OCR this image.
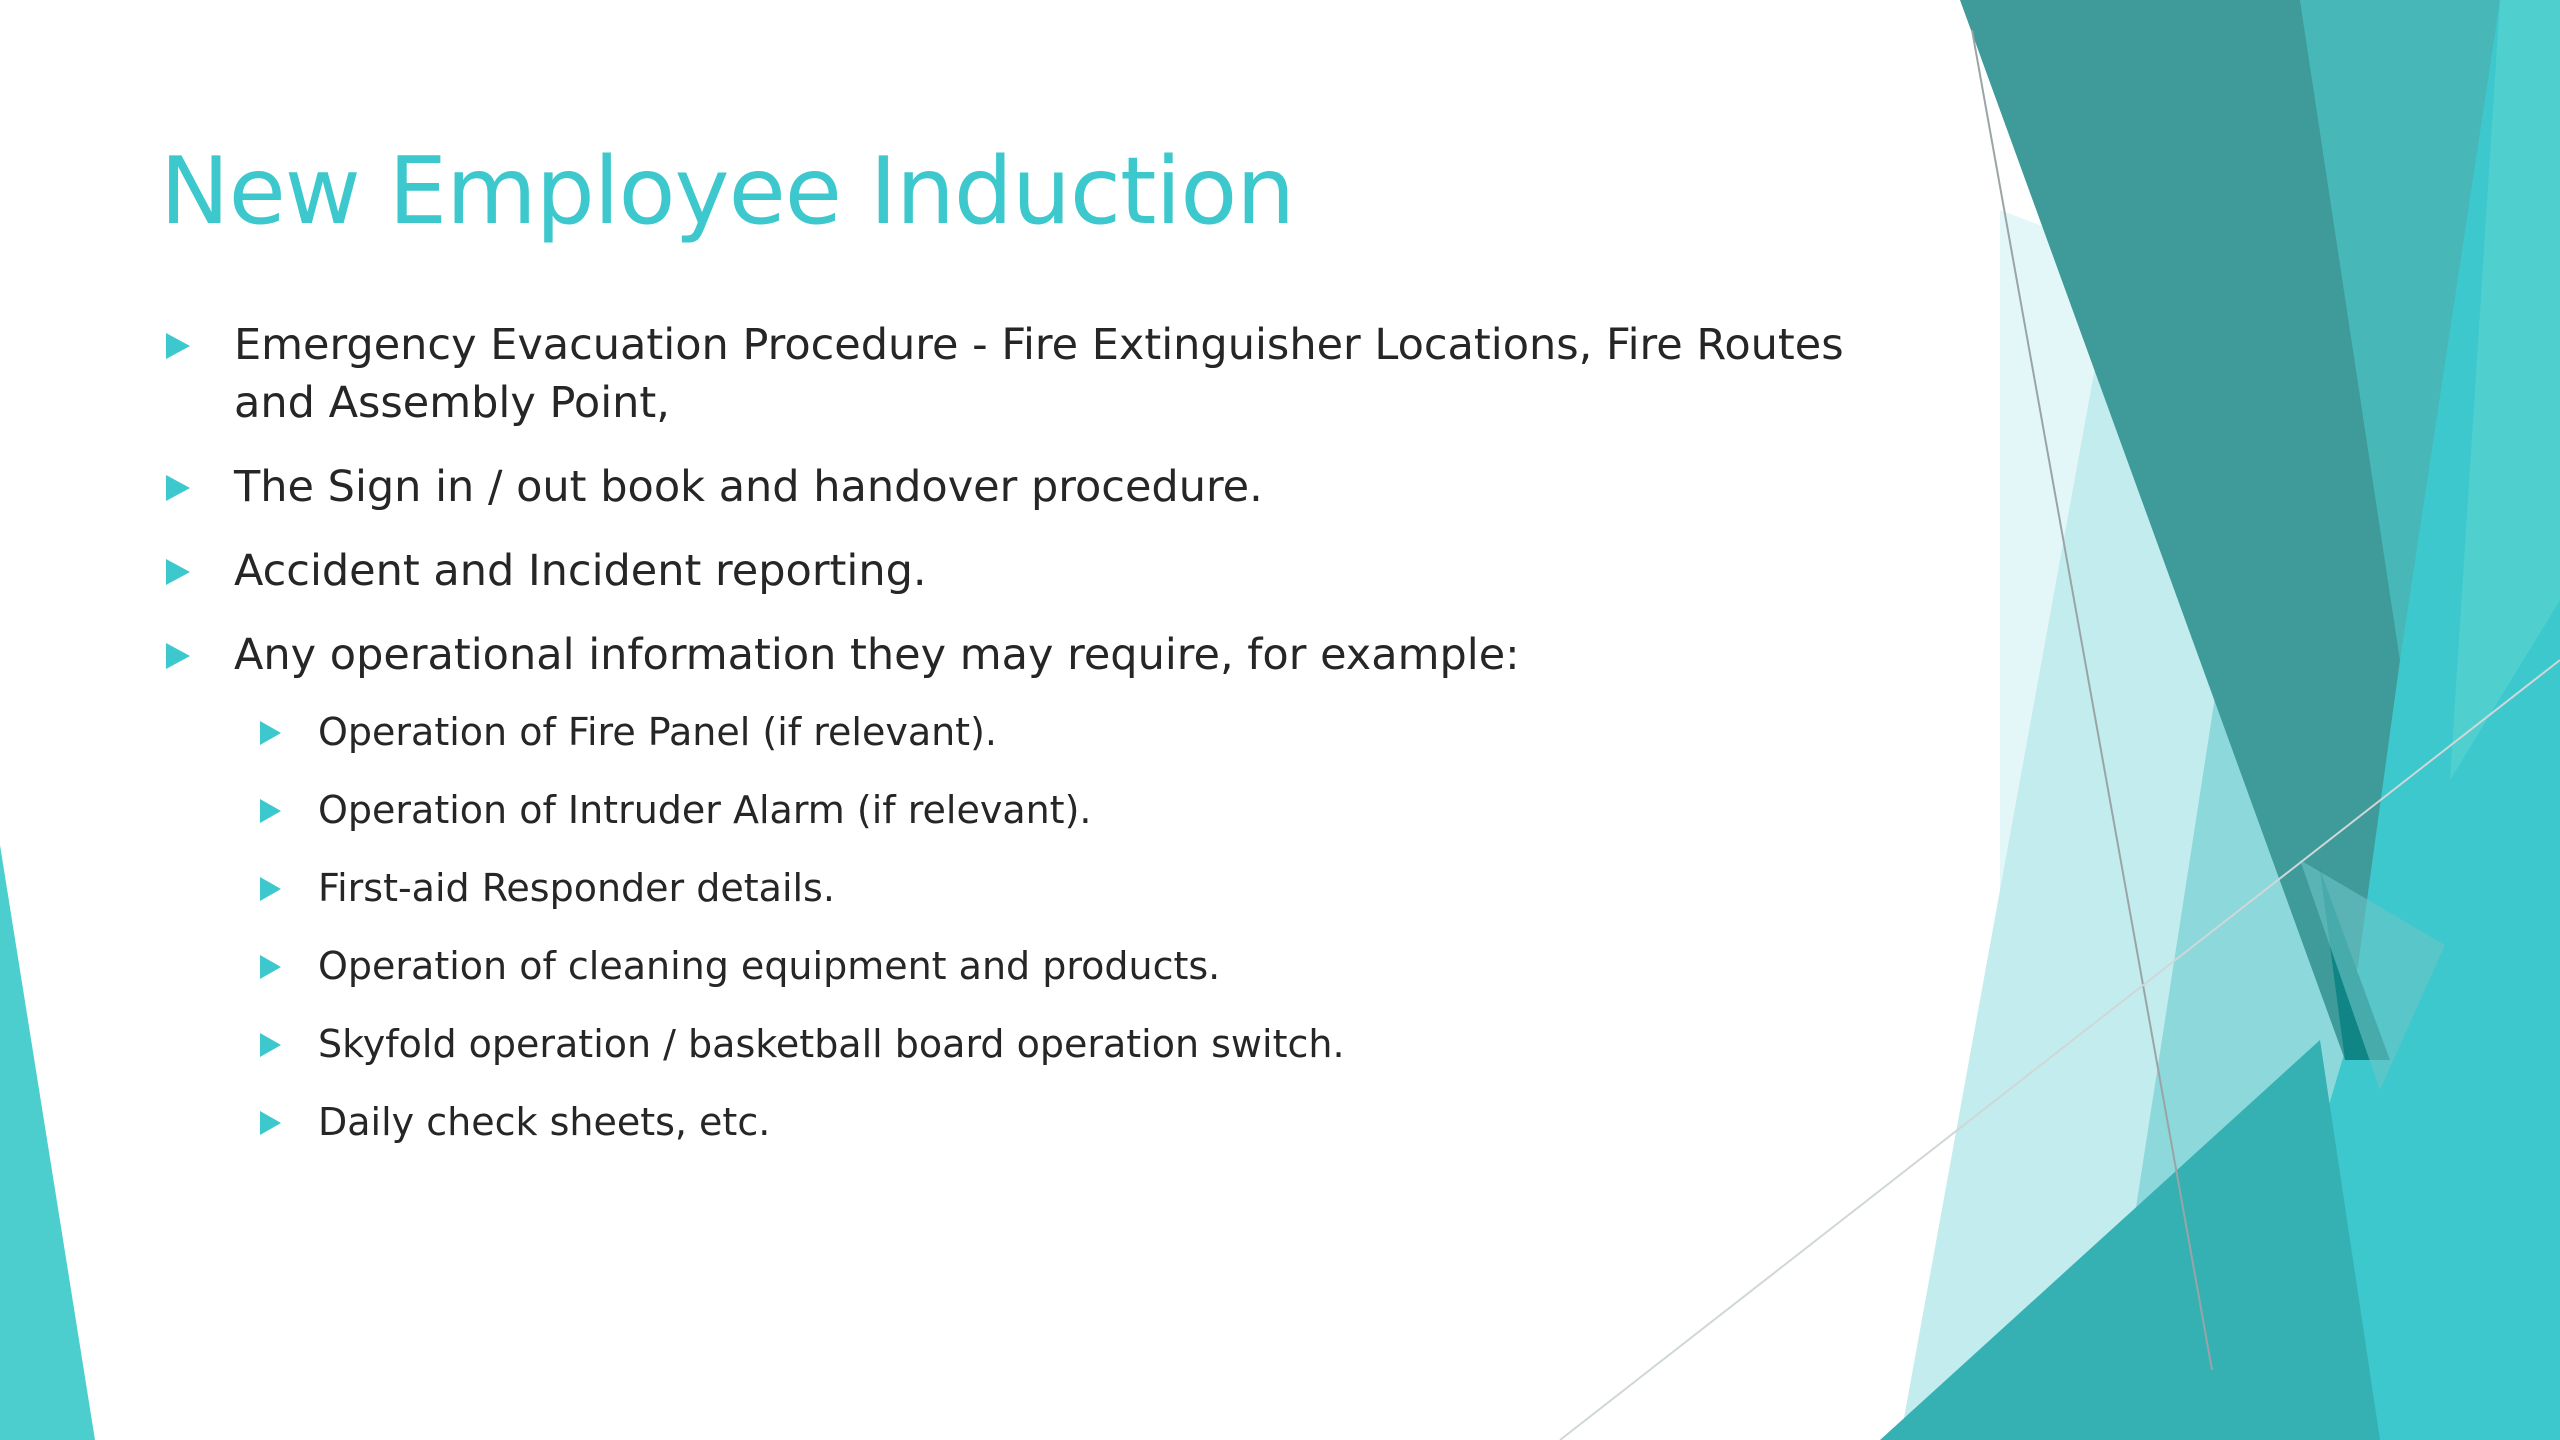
New Employee Induction
Emergency Evacuation Procedure - Fire Extinguisher Locations, Fire Routes and Assembly Point,
The Sign in / out book and handover procedure.
Accident and Incident reporting.
Any operational information they may require, for example:
Operation of Fire Panel (if relevant).
Operation of Intruder Alarm (if relevant).
First-aid Responder details.
Operation of cleaning equipment and products.
Skyfold operation / basketball board operation switch.
Daily check sheets, etc.
